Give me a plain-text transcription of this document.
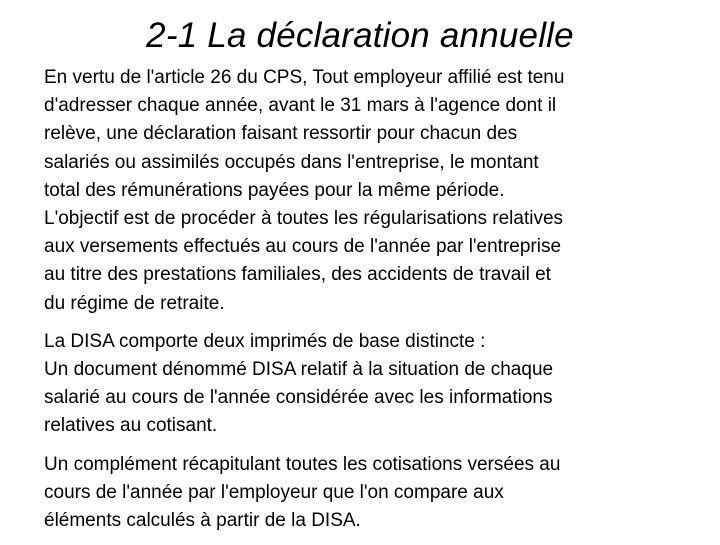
2-1 La déclaration annuelle

En vertu de l'article 26 du CPS, Tout employeur affilié est tenu
d'adresser chaque année, avant le 31 mars à l'agence dont il
relève, une déclaration faisant ressortir pour chacun des
salariés ou assimilés occupés dans l'entreprise, le montant
total des rémunérations payées pour la même période.
L'objectif est de procéder à toutes les régularisations relatives
aux versements effectués au cours de l'année par l'entreprise
au titre des prestations familiales, des accidents de travail et
du régime de retraite.

La DISA comporte deux imprimés de base distincte :
Un document dénommé DISA relatif à la situation de chaque
salarié au cours de l'année considérée avec les informations
relatives au cotisant.

Un complément récapitulant toutes les cotisations versées au
cours de l'année par l'employeur que l'on compare aux
éléments calculés à partir de la DISA.
